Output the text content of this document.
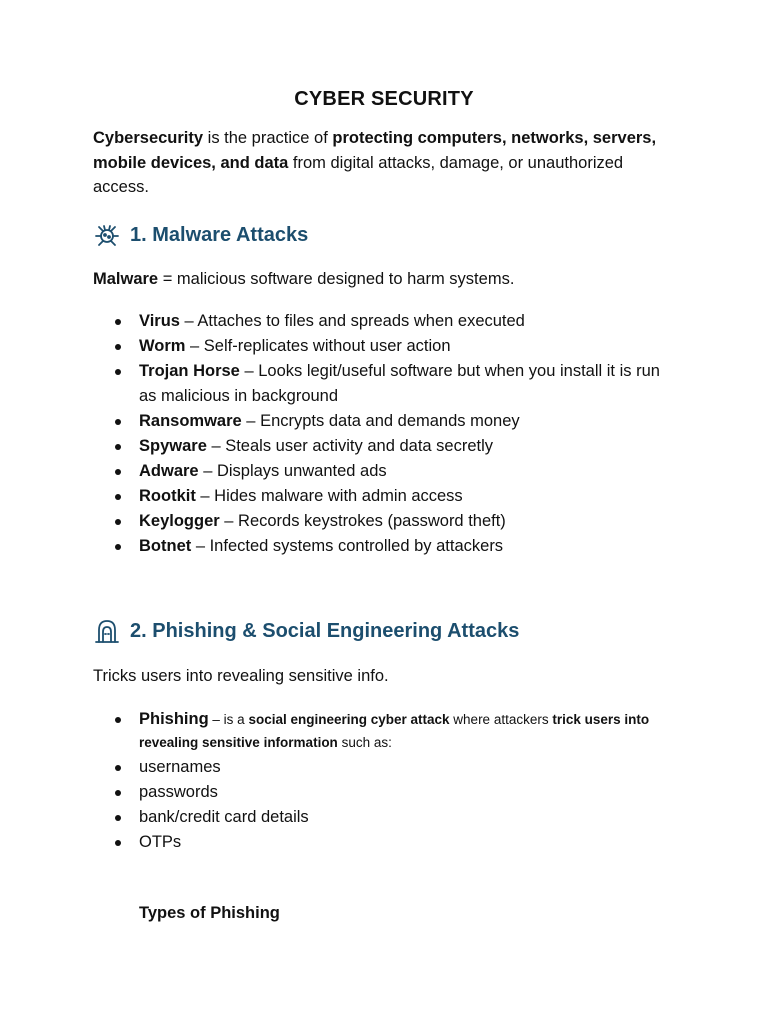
CYBER SECURITY
Cybersecurity is the practice of protecting computers, networks, servers, mobile devices, and data from digital attacks, damage, or unauthorized access.
1. Malware Attacks
Malware = malicious software designed to harm systems.
Virus – Attaches to files and spreads when executed
Worm – Self-replicates without user action
Trojan Horse – Looks legit/useful software but when you install it is run as malicious in background
Ransomware – Encrypts data and demands money
Spyware – Steals user activity and data secretly
Adware – Displays unwanted ads
Rootkit – Hides malware with admin access
Keylogger – Records keystrokes (password theft)
Botnet – Infected systems controlled by attackers
2. Phishing & Social Engineering Attacks
Tricks users into revealing sensitive info.
Phishing – is a social engineering cyber attack where attackers trick users into revealing sensitive information such as:
usernames
passwords
bank/credit card details
OTPs
Types of Phishing
